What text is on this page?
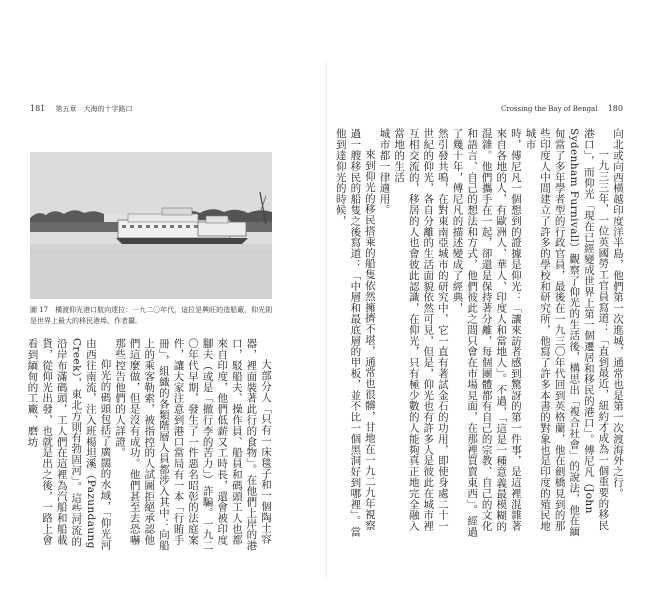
181 第五章　大海的十字路口
圖 17　橫渡仰光港口航向達拉：一九二〇年代，這拉是興旺的造船廠，仰光則是世界上最大的移民港埠。作者攝。

大部分人「只有一床毯子和一個陶土容器，裡面裝著此行的食物」。在他們上岸的港口，駁船夫、操作員、船員和碼頭工人也都來自印度，他們低薪又工時長，還會被印度腳夫（或是「撤行李的苦力」）詐騙。一九二〇年代早期，發生了一件惡名昭彰的法庭案件，讓大家注意到港口當局有一本「行賄手冊」，組織的各類階層人員都涉入其中：向船上的乘客勒索，被指控的人試圖拒絕承認他們這麼做，但是沒有成功。他們甚至去恐嚇那些控告他們的人詳證。

仰光的碼頭包括了廣闊的水域，「仰光河由西往南流，注入班楊坦溪（Pazundaung Creek），東北方則有勃固河」。這些河流的沿岸布滿碼頭，工人們在這裡為汽船和船載貨，從仰光出發，也就是出之後，一路上會看到緬甸的工廠、磨坊

Crossing the Bay of Bengal 180

向北或向西橫越印度洋半島，他們第一次進城，通常也是第一次渡海外之行。

一九三三年，一位英國勞工官員寫道：「直到最近，紐約才成為一個重要的移民港口」，而仰光「現在已經變成世界上第一個遷居和移民的港口」。傅尼凡（John Sydenham Furnivall）觀察了仰光的生活後，構思出「複合社會」的說法，他在緬甸當了多年學者型的行政官員，最後在一九三〇年代回到英格蘭，他在劍橋見到的那些印度人中間建立了許多的學校和研究所，他寫了許多本書的對象也是印度的殖民地城市

時，傅尼凡一個想到的證據是仰光：「讓來訪者感到驚訝的第一件事，是這裡混雜著來自各地的人，有歐洲人、華人、印度人和當地人」。不過，「這是一種意義最模糊的混雜。他們攜手在一起，卻還是保持著分離，每個團體都有自己的宗教、自己的文化和語言、自己的想法和方式，他們彼此之間只會在市場見面，在那裡買賣東西」。經過了幾十年，傅尼凡的描述變成了經典，

然引發共鳴，在對東南亞城市的研究中，它一直有著試金石的功用，即使身處二十一世紀的仰光，各自分離的生活面貌依然可見，但是，仰光也有許多人是彼此在城市裡互相交流的，移居的人也會彼此認識，在仰光，只有極少數的人能夠真正地完全融入當地的生活

城市都一律適用。

來到仰光的移民搭乘的船隻依然擁擠不堪，通常也很髒，甘地在一九二九年視察過一艘移民的船隻之後寫道：「中層和最底層的甲板，並不比一個黑洞好到哪裡」。當他到達仰光的時候，
